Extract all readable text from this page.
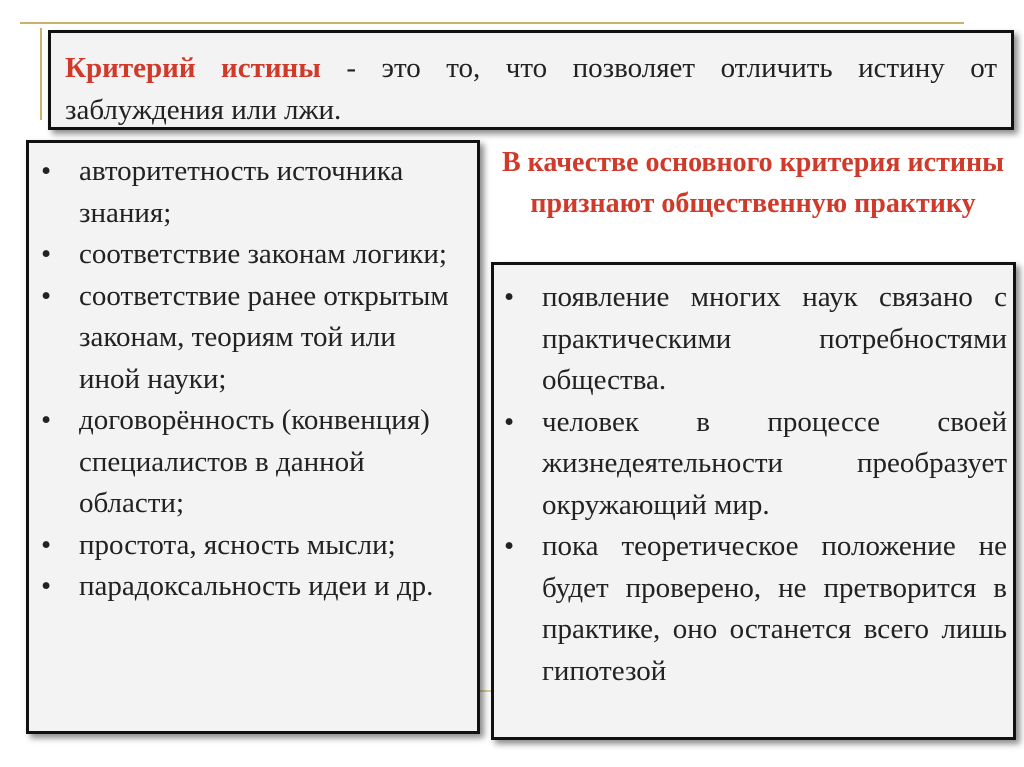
Критерий истины - это то, что позволяет отличить истину от заблуждения или лжи.

• авторитетность источника знания;
• соответствие законам логики;
• соответствие ранее открытым законам, теориям той или иной науки;
• договорённость (конвенция) специалистов в данной области;
• простота, ясность мысли;
• парадоксальность идеи и др.

В качестве основного критерия истины признают общественную практику

• появление многих наук связано с практическими потребностями общества.
• человек в процессе своей жизнедеятельности преобразует окружающий мир.
• пока теоретическое положение не будет проверено, не претворится в практике, оно останется всего лишь гипотезой
